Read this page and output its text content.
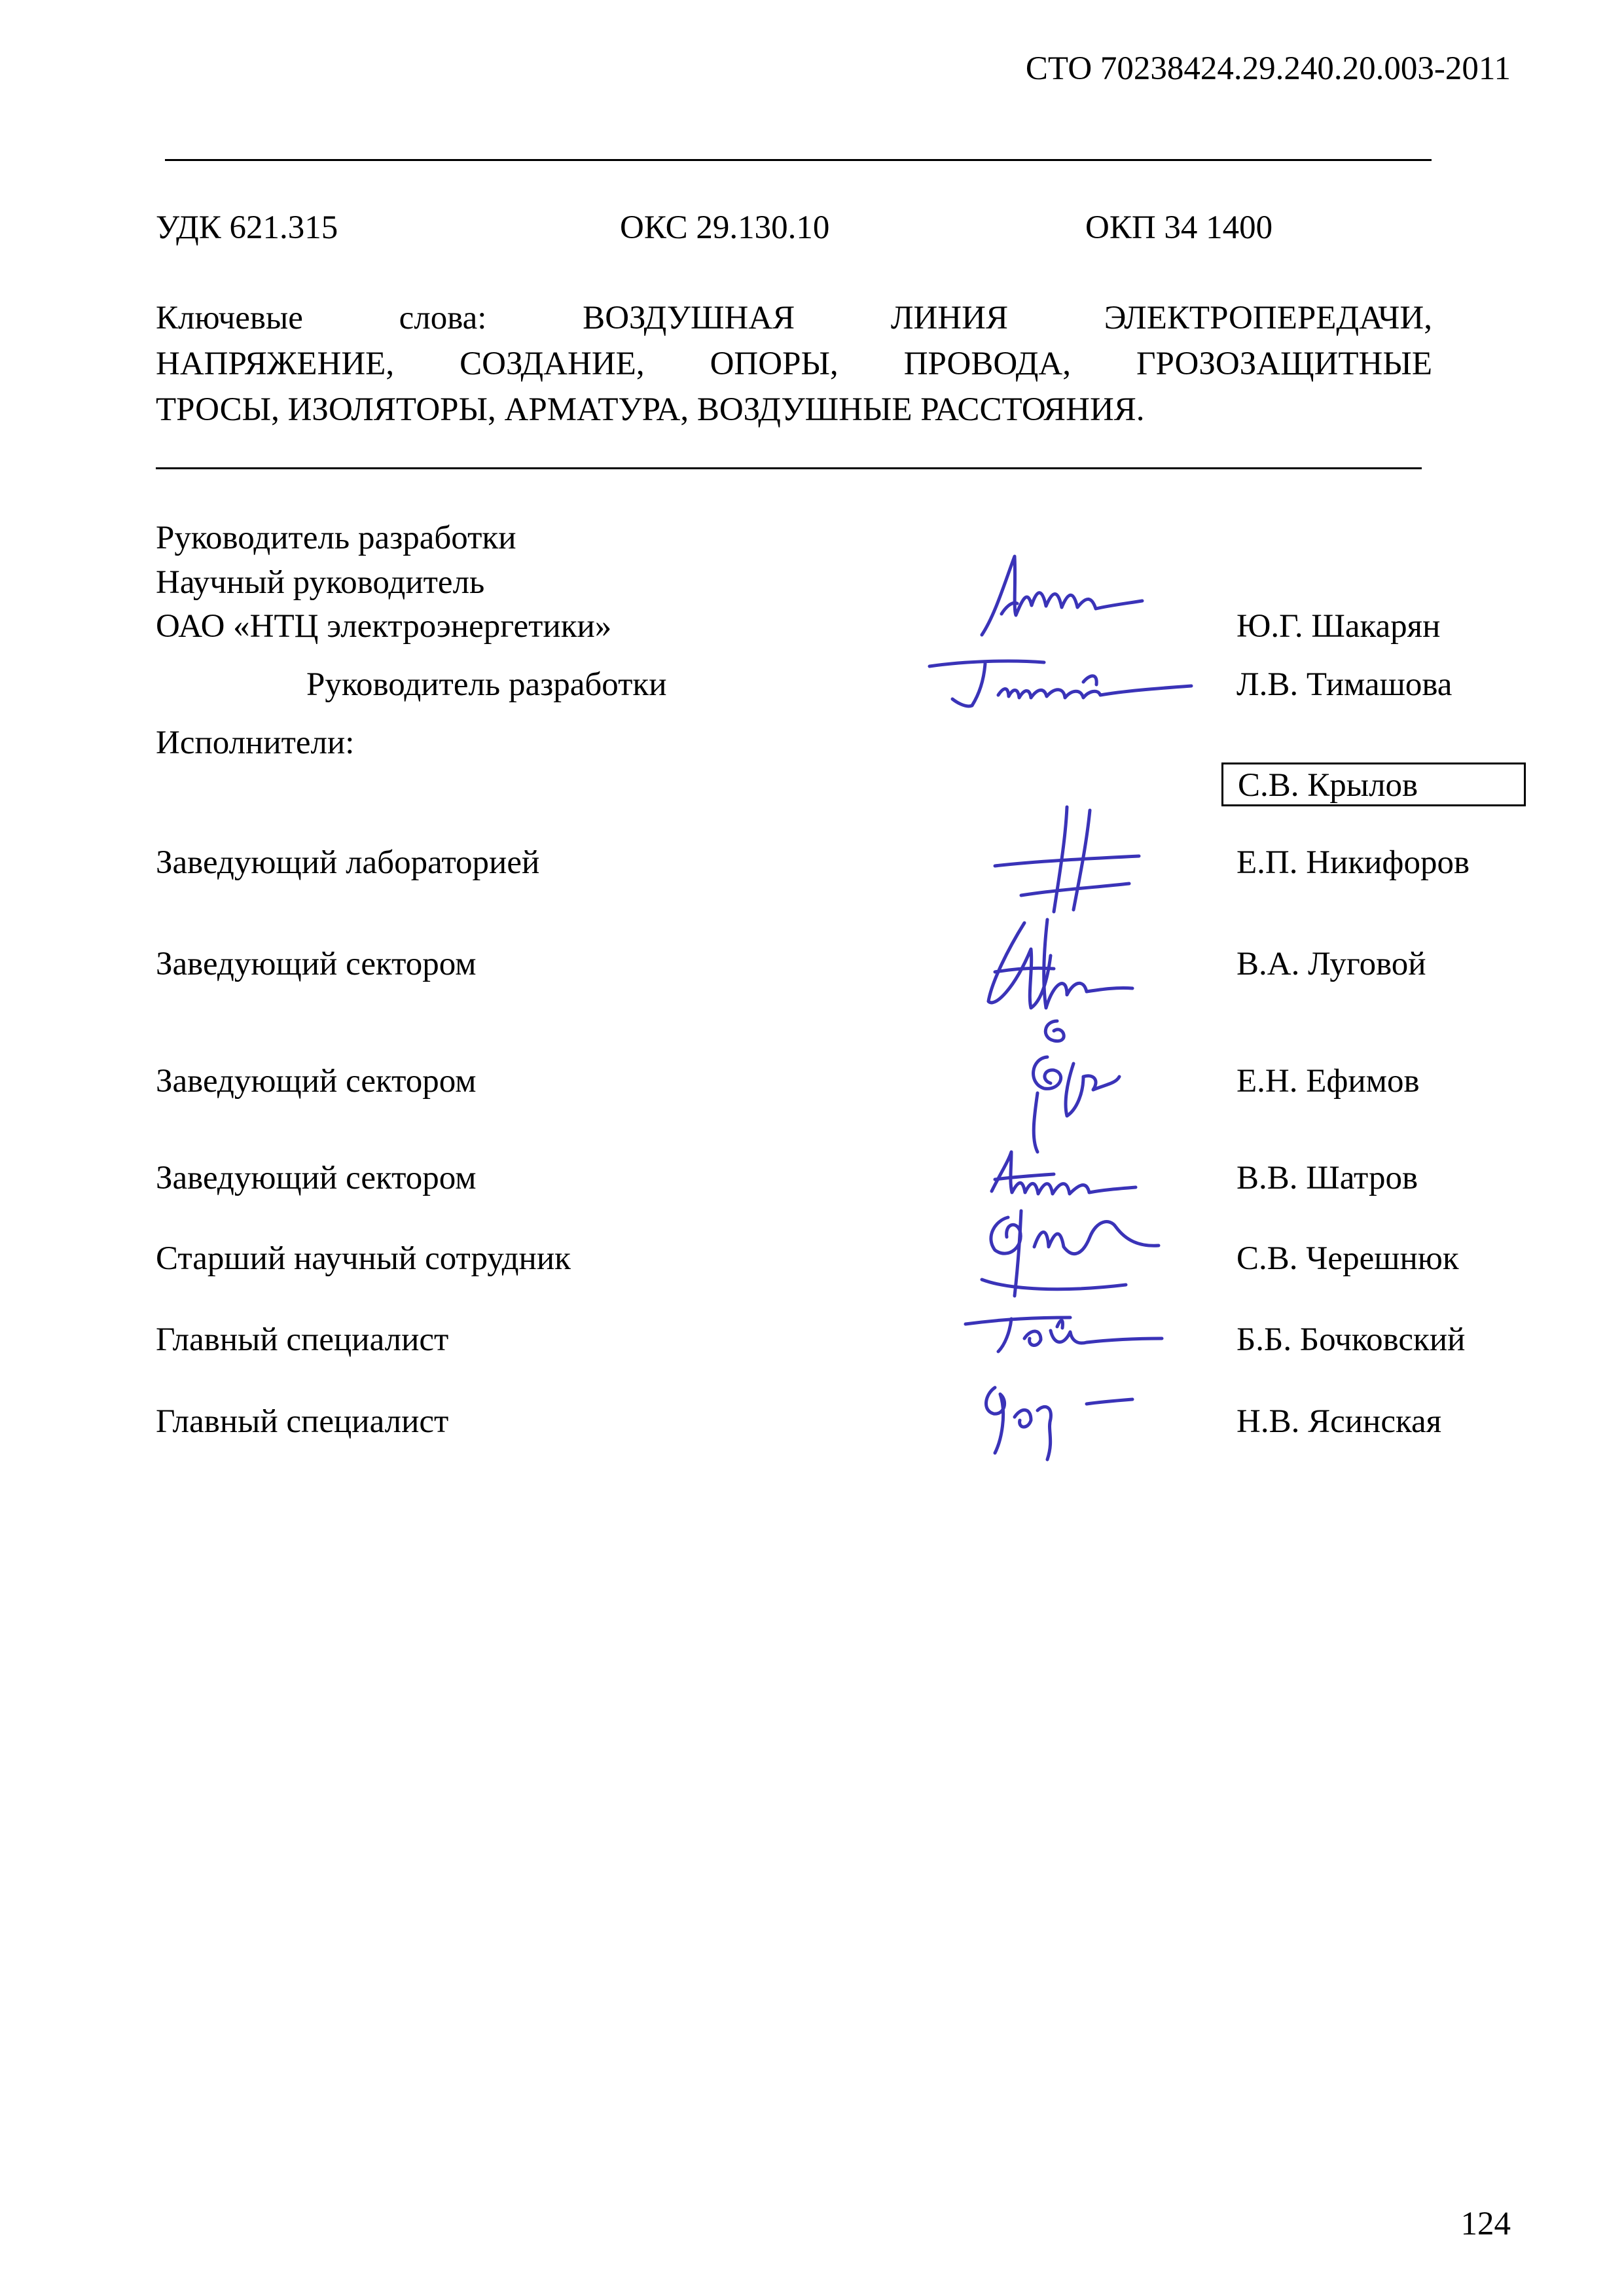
СТО 70238424.29.240.20.003-2011
УДК 621.315	ОКС 29.130.10	ОКП 34 1400
Ключевые слова: ВОЗДУШНАЯ ЛИНИЯ ЭЛЕКТРОПЕРЕДАЧИ,
НАПРЯЖЕНИЕ, СОЗДАНИЕ, ОПОРЫ, ПРОВОДА, ГРОЗОЗАЩИТНЫЕ
ТРОСЫ, ИЗОЛЯТОРЫ, АРМАТУРА, ВОЗДУШНЫЕ РАССТОЯНИЯ.
Руководитель разработки
Научный руководитель
ОАО «НТЦ электроэнергетики»	Ю.Г. Шакарян
Руководитель разработки	Л.В. Тимашова
Исполнители:
С.В. Крылов
Заведующий лабораторией	Е.П. Никифоров
Заведующий сектором	В.А. Луговой
Заведующий сектором	Е.Н. Ефимов
Заведующий сектором	В.В. Шатров
Старший научный сотрудник	С.В. Черешнюк
Главный специалист	Б.Б. Бочковский
Главный специалист	Н.В. Ясинская
124
